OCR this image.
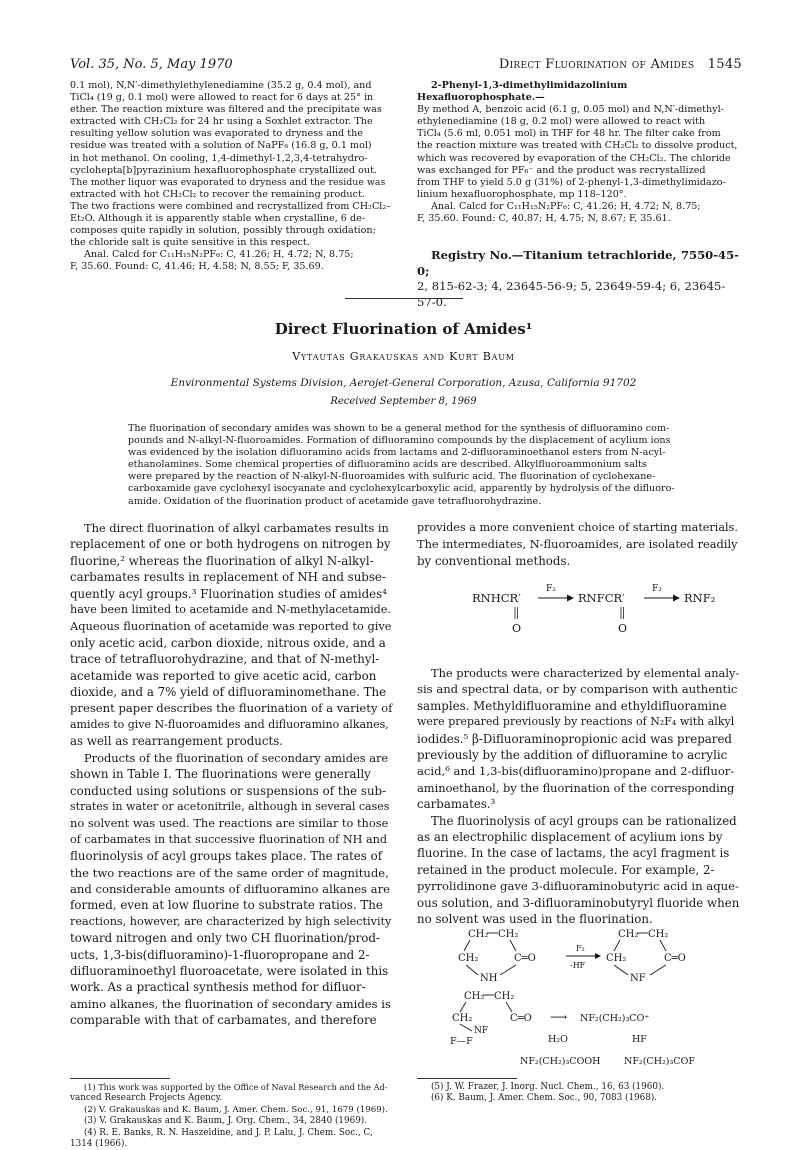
Vol. 35, No. 5, May 1970	Direct Fluorination of Amides 1545

0.1 mol), N,N′-dimethylethylenediamine (35.2 g, 0.4 mol), and

TiCl₄ (19 g, 0.1 mol) were allowed to react for 6 days at 25° in

ether. The reaction mixture was filtered and the precipitate was

extracted with CH₂Cl₂ for 24 hr using a Soxhlet extractor. The

resulting yellow solution was evaporated to dryness and the

residue was treated with a solution of NaPF₆ (16.8 g, 0.1 mol)

in hot methanol. On cooling, 1,4-dimethyl-1,2,3,4-tetrahydro-

cyclohepta[b]pyrazinium hexafluorophosphate crystallized out.

The mother liquor was evaporated to dryness and the residue was

extracted with hot CH₂Cl₂ to recover the remaining product.

The two fractions were combined and recrystallized from CH₂Cl₂–

Et₂O. Although it is apparently stable when crystalline, 6 de-

composes quite rapidly in solution, possibly through oxidation;

the chloride salt is quite sensitive in this respect.

Anal. Calcd for C₁₁H₁₅N₂PF₆: C, 41.26; H, 4.72; N, 8.75;

F, 35.60. Found: C, 41.46; H, 4.58; N, 8.55; F, 35.69.

2-Phenyl-1,3-dimethylimidazolinium Hexafluorophosphate.—

By method A, benzoic acid (6.1 g, 0.05 mol) and N,N′-dimethyl-

ethylenediamine (18 g, 0.2 mol) were allowed to react with

TiCl₄ (5.6 ml, 0.051 mol) in THF for 48 hr. The filter cake from

the reaction mixture was treated with CH₂Cl₂ to dissolve product,

which was recovered by evaporation of the CH₂Cl₂. The chloride

was exchanged for PF₆⁻ and the product was recrystallized

from THF to yield 5.0 g (31%) of 2-phenyl-1,3-dimethylimidazo-

linium hexafluorophosphate, mp 118–120°.

Anal. Calcd for C₁₁H₁₅N₂PF₆: C, 41.26; H, 4.72; N, 8.75;

F, 35.60. Found: C, 40.87; H, 4.75; N, 8.67; F, 35.61.

Registry No.—Titanium tetrachloride, 7550-45-0;

2, 815-62-3; 4, 23645-56-9; 5, 23649-59-4; 6, 23645-

57-0.

Direct Fluorination of Amides¹
Vytautas Grakauskas and Kurt Baum
Environmental Systems Division, Aerojet-General Corporation, Azusa, California 91702
Received September 8, 1969

The fluorination of secondary amides was shown to be a general method for the synthesis of difluoramino com-

pounds and N-alkyl-N-fluoroamides. Formation of difluoramino compounds by the displacement of acylium ions

was evidenced by the isolation difluoramino acids from lactams and 2-difluoraminoethanol esters from N-acyl-

ethanolamines. Some chemical properties of difluoramino acids are described. Alkylfluoroammonium salts

were prepared by the reaction of N-alkyl-N-fluoroamides with sulfuric acid. The fluorination of cyclohexane-

carboxamide gave cyclohexyl isocyanate and cyclohexylcarboxylic acid, apparently by hydrolysis of the difluoro-

amide. Oxidation of the fluorination product of acetamide gave tetrafluorohydrazine.

The direct fluorination of alkyl carbamates results in

replacement of one or both hydrogens on nitrogen by

fluorine,² whereas the fluorination of alkyl N-alkyl-

carbamates results in replacement of NH and subse-

quently acyl groups.³ Fluorination studies of amides⁴

have been limited to acetamide and N-methylacetamide.

Aqueous fluorination of acetamide was reported to give

only acetic acid, carbon dioxide, nitrous oxide, and a

trace of tetrafluorohydrazine, and that of N-methyl-

acetamide was reported to give acetic acid, carbon

dioxide, and a 7% yield of difluoraminomethane. The

present paper describes the fluorination of a variety of

amides to give N-fluoroamides and difluoramino alkanes,

as well as rearrangement products.

Products of the fluorination of secondary amides are

shown in Table I. The fluorinations were generally

conducted using solutions or suspensions of the sub-

strates in water or acetonitrile, although in several cases

no solvent was used. The reactions are similar to those

of carbamates in that successive fluorination of NH and

fluorinolysis of acyl groups takes place. The rates of

the two reactions are of the same order of magnitude,

and considerable amounts of difluoramino alkanes are

formed, even at low fluorine to substrate ratios. The

reactions, however, are characterized by high selectivity

toward nitrogen and only two CH fluorination/prod-

ucts, 1,3-bis(difluoramino)-1-fluoropropane and 2-

difluoraminoethyl fluoroacetate, were isolated in this

work. As a practical synthesis method for difluor-

amino alkanes, the fluorination of secondary amides is

comparable with that of carbamates, and therefore

provides a more convenient choice of starting materials.

The intermediates, N-fluoroamides, are isolated readily

by conventional methods.

RNHCR′
O
F₂
RNFCR′
O
F₂
RNF₂

The products were characterized by elemental analy-

sis and spectral data, or by comparison with authentic

samples. Methyldifluoramine and ethyldifluoramine

were prepared previously by reactions of N₂F₄ with alkyl

iodides.⁵ β-Difluoraminopropionic acid was prepared

previously by the addition of difluoramine to acrylic

acid,⁶ and 1,3-bis(difluoramino)propane and 2-difluor-

aminoethanol, by the fluorination of the corresponding

carbamates.³

The fluorinolysis of acyl groups can be rationalized

as an electrophilic displacement of acylium ions by

fluorine. In the case of lactams, the acyl fragment is

retained in the product molecule. For example, 2-

pyrrolidinone gave 3-difluoraminobutyric acid in aque-

ous solution, and 3-difluoraminobutyryl fluoride when

no solvent was used in the fluorination.

CH₂ CH₂
CH₂	C═O
NH
F₂
-HF
CH₂ CH₂
CH₂	C═O
NF
CH₂ CH₂
CH₂	C═O
NF
⟶ NF₂(CH₂)₃CO⁺
H₂O	HF
NF₂(CH₂)₃COOH NF₂(CH₂)₃COF
F—F

(1) This work was supported by the Office of Naval Research and the Ad-

vanced Research Projects Agency.

(2) V. Grakauskas and K. Baum, J. Amer. Chem. Soc., 91, 1679 (1969).

(3) V. Grakauskas and K. Baum, J. Org. Chem., 34, 2840 (1969).

(4) R. E. Banks, R. N. Haszeldine, and J. P. Lalu, J. Chem. Soc., C,

1314 (1966).

(5) J. W. Frazer, J. Inorg. Nucl. Chem., 16, 63 (1960).

(6) K. Baum, J. Amer. Chem. Soc., 90, 7083 (1968).
